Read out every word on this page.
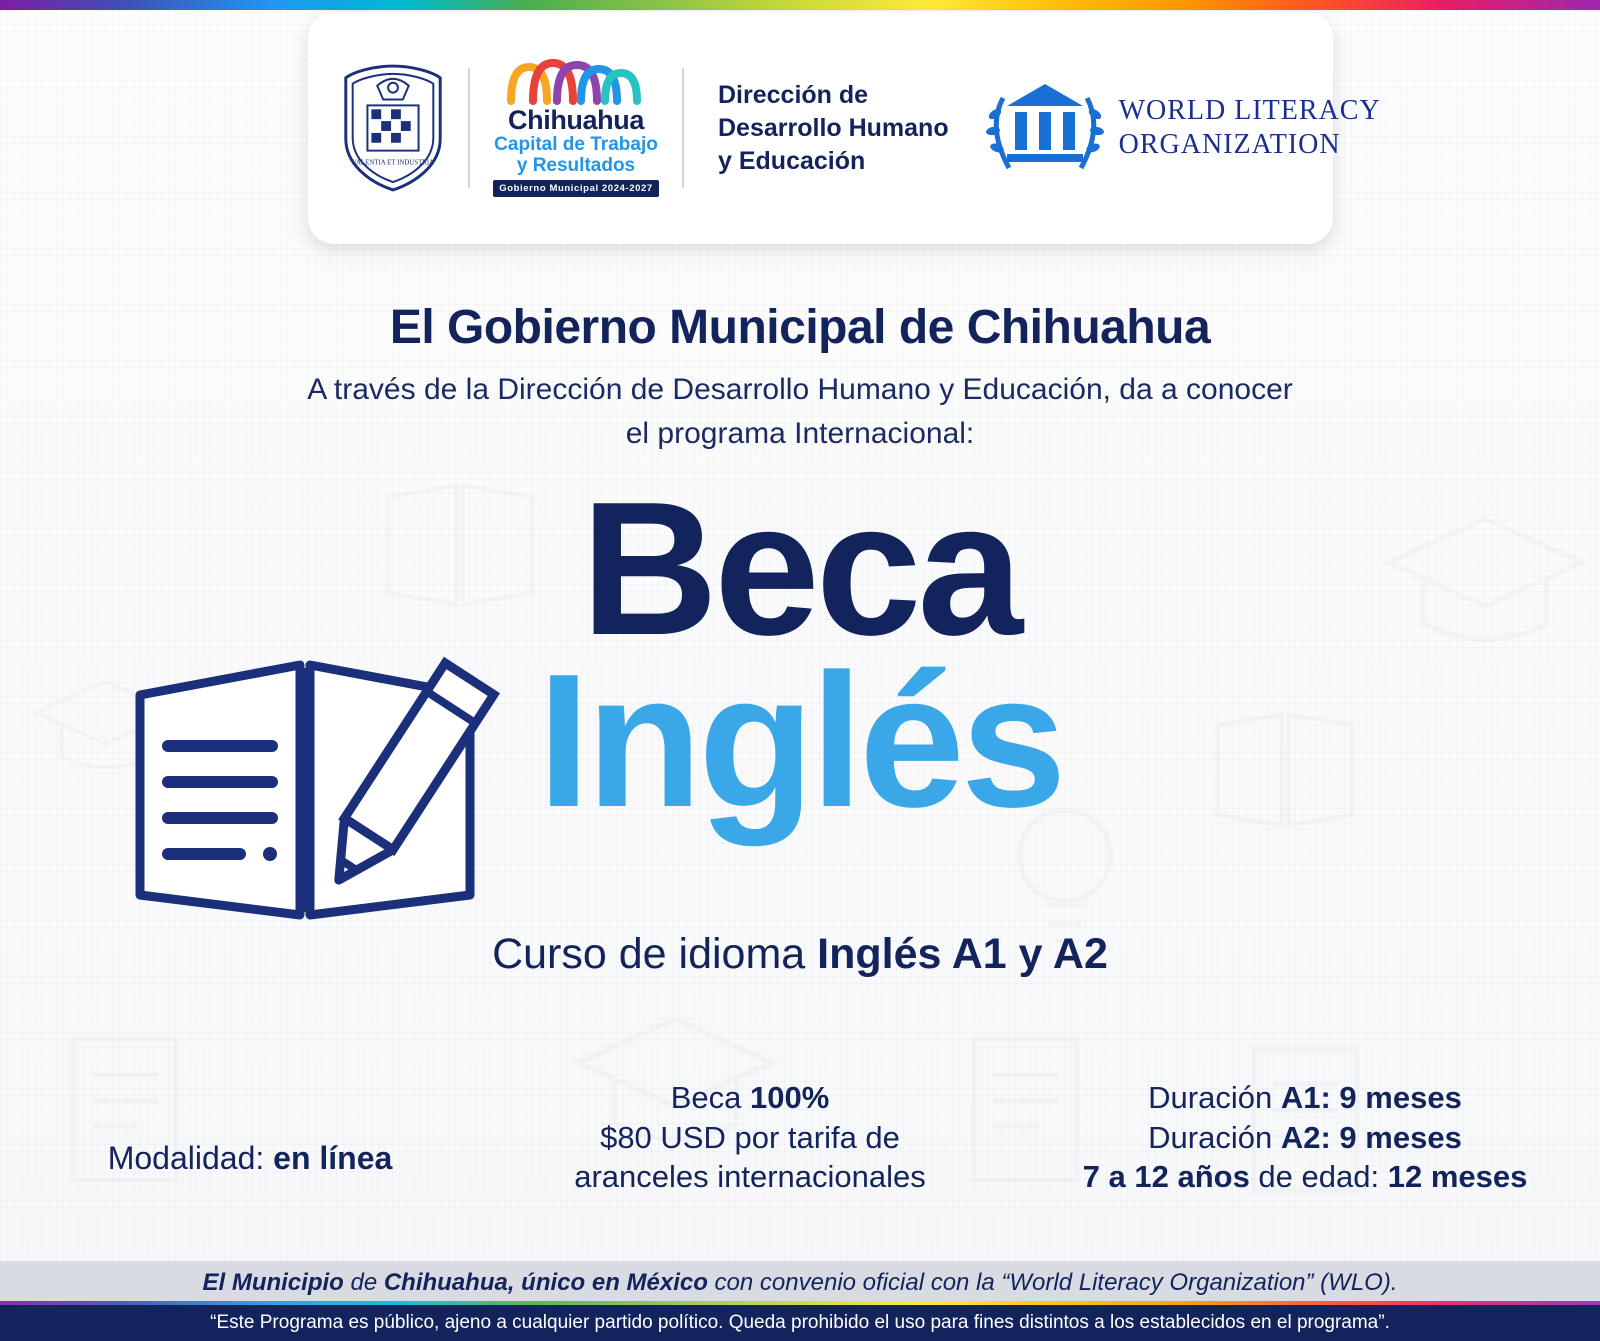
VALENTIA ET INDUSTRIA
Chihuahua
Capital de Trabajo
y Resultados
Gobierno Municipal 2024-2027
Dirección de
Desarrollo Humano
y Educación
WORLD LITERACY
ORGANIZATION
El Gobierno Municipal de Chihuahua
A través de la Dirección de Desarrollo Humano y Educación, da a conocer
el programa Internacional:
Beca
Inglés
Curso de idioma Inglés A1 y A2
Modalidad: en línea
Beca 100%
$80 USD por tarifa de
aranceles internacionales
Duración A1: 9 meses
Duración A2: 9 meses
7 a 12 años de edad: 12 meses
El Municipio de Chihuahua, único en México con convenio oficial con la “World Literacy Organization” (WLO).
“Este Programa es público, ajeno a cualquier partido político. Queda prohibido el uso para fines distintos a los establecidos en el programa”.
